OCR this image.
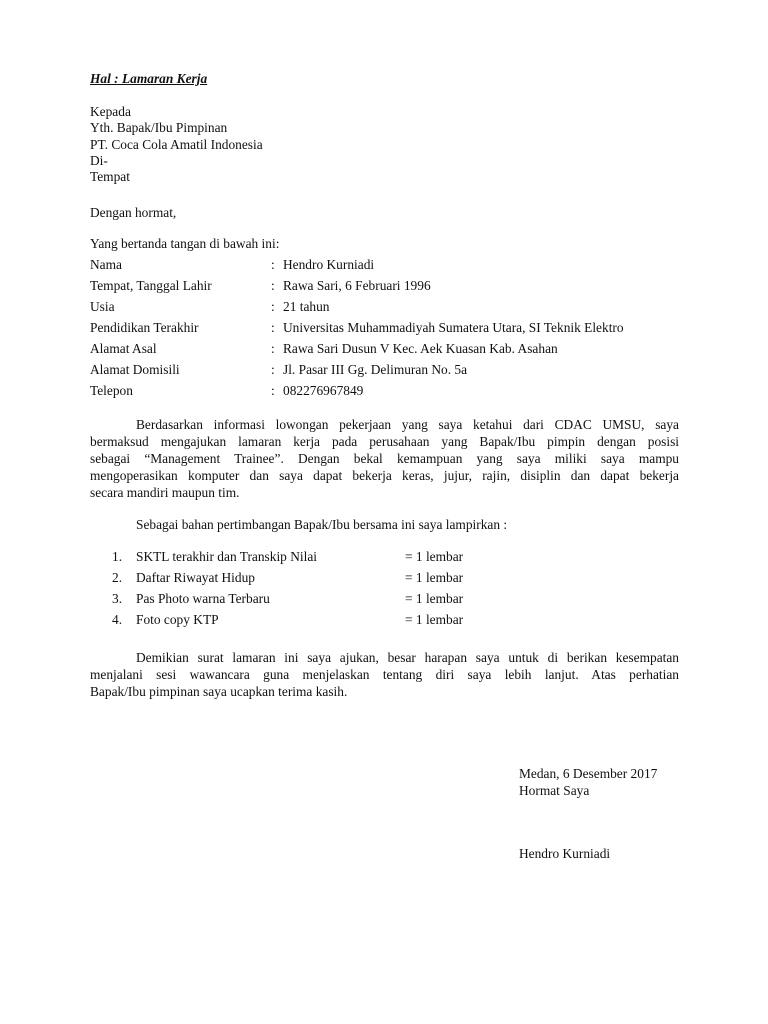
Hal : Lamaran Kerja
Kepada
Yth. Bapak/Ibu Pimpinan
PT. Coca Cola Amatil Indonesia
Di-
Tempat
Dengan hormat,
Yang bertanda tangan di bawah ini:
Nama	: Hendro Kurniadi
Tempat, Tanggal Lahir	: Rawa Sari, 6 Februari 1996
Usia	: 21 tahun
Pendidikan Terakhir	: Universitas Muhammadiyah Sumatera Utara, SI Teknik Elektro
Alamat Asal	: Rawa Sari Dusun V Kec. Aek Kuasan Kab. Asahan
Alamat Domisili	: Jl. Pasar III Gg. Delimuran No. 5a
Telepon	: 082276967849
Berdasarkan informasi lowongan pekerjaan yang saya ketahui dari CDAC UMSU, saya
bermaksud mengajukan lamaran kerja pada perusahaan yang Bapak/Ibu pimpin dengan posisi
sebagai “Management Trainee”. Dengan bekal kemampuan yang saya miliki saya mampu
mengoperasikan komputer dan saya dapat bekerja keras, jujur, rajin, disiplin dan dapat bekerja
secara mandiri maupun tim.
Sebagai bahan pertimbangan Bapak/Ibu bersama ini saya lampirkan :
1. SKTL terakhir dan Transkip Nilai	= 1 lembar
2. Daftar Riwayat Hidup	= 1 lembar
3. Pas Photo warna Terbaru	= 1 lembar
4. Foto copy KTP	= 1 lembar
Demikian surat lamaran ini saya ajukan, besar harapan saya untuk di berikan kesempatan
menjalani sesi wawancara guna menjelaskan tentang diri saya lebih lanjut. Atas perhatian
Bapak/Ibu pimpinan saya ucapkan terima kasih.
Medan, 6 Desember 2017
Hormat Saya
Hendro Kurniadi
